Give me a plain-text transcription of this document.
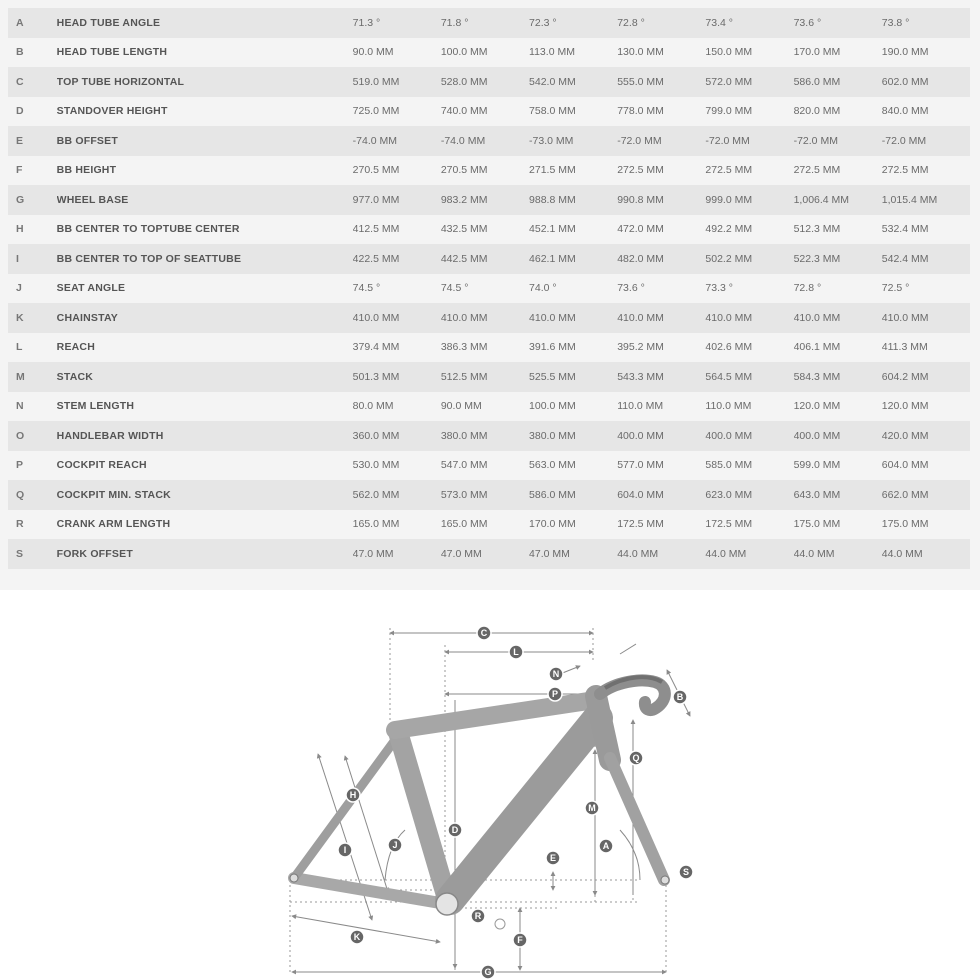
A	HEAD TUBE ANGLE	71.3 °	71.8 °	72.3 °	72.8 °	73.4 °	73.6 °	73.8 °
B	HEAD TUBE LENGTH	90.0 MM	100.0 MM	113.0 MM	130.0 MM	150.0 MM	170.0 MM	190.0 MM
C	TOP TUBE HORIZONTAL	519.0 MM	528.0 MM	542.0 MM	555.0 MM	572.0 MM	586.0 MM	602.0 MM
D	STANDOVER HEIGHT	725.0 MM	740.0 MM	758.0 MM	778.0 MM	799.0 MM	820.0 MM	840.0 MM
E	BB OFFSET	-74.0 MM	-74.0 MM	-73.0 MM	-72.0 MM	-72.0 MM	-72.0 MM	-72.0 MM
F	BB HEIGHT	270.5 MM	270.5 MM	271.5 MM	272.5 MM	272.5 MM	272.5 MM	272.5 MM
G	WHEEL BASE	977.0 MM	983.2 MM	988.8 MM	990.8 MM	999.0 MM	1,006.4 MM	1,015.4 MM
H	BB CENTER TO TOPTUBE CENTER	412.5 MM	432.5 MM	452.1 MM	472.0 MM	492.2 MM	512.3 MM	532.4 MM
I	BB CENTER TO TOP OF SEATTUBE	422.5 MM	442.5 MM	462.1 MM	482.0 MM	502.2 MM	522.3 MM	542.4 MM
J	SEAT ANGLE	74.5 °	74.5 °	74.0 °	73.6 °	73.3 °	72.8 °	72.5 °
K	CHAINSTAY	410.0 MM	410.0 MM	410.0 MM	410.0 MM	410.0 MM	410.0 MM	410.0 MM
L	REACH	379.4 MM	386.3 MM	391.6 MM	395.2 MM	402.6 MM	406.1 MM	411.3 MM
M	STACK	501.3 MM	512.5 MM	525.5 MM	543.3 MM	564.5 MM	584.3 MM	604.2 MM
N	STEM LENGTH	80.0 MM	90.0 MM	100.0 MM	110.0 MM	110.0 MM	120.0 MM	120.0 MM
O	HANDLEBAR WIDTH	360.0 MM	380.0 MM	380.0 MM	400.0 MM	400.0 MM	400.0 MM	420.0 MM
P	COCKPIT REACH	530.0 MM	547.0 MM	563.0 MM	577.0 MM	585.0 MM	599.0 MM	604.0 MM
Q	COCKPIT MIN. STACK	562.0 MM	573.0 MM	586.0 MM	604.0 MM	623.0 MM	643.0 MM	662.0 MM
R	CRANK ARM LENGTH	165.0 MM	165.0 MM	170.0 MM	172.5 MM	172.5 MM	175.0 MM	175.0 MM
S	FORK OFFSET	47.0 MM	47.0 MM	47.0 MM	44.0 MM	44.0 MM	44.0 MM	44.0 MM
A
B
C
D
E
F
G
H
I	J
K
L
M
N
P
Q
R
S
